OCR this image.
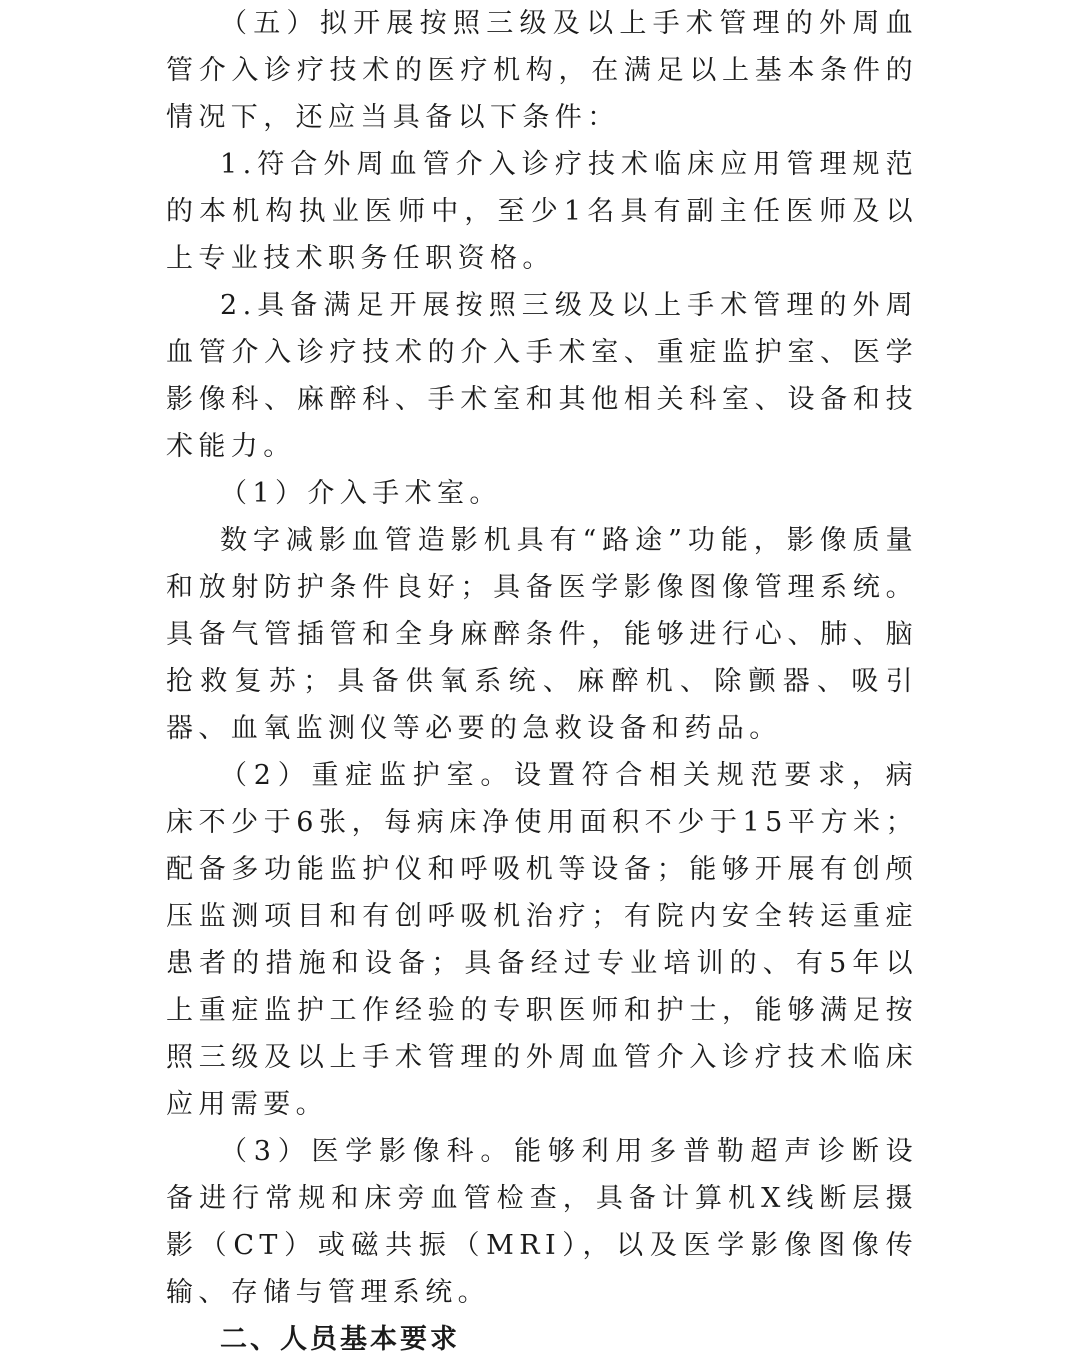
（五）拟开展按照三级及以上手术管理的外周血管介入诊疗技术的医疗机构，在满足以上基本条件的情况下，还应当具备以下条件：

1.符合外周血管介入诊疗技术临床应用管理规范的本机构执业医师中，至少1名具有副主任医师及以上专业技术职务任职资格。

2.具备满足开展按照三级及以上手术管理的外周血管介入诊疗技术的介入手术室、重症监护室、医学影像科、麻醉科、手术室和其他相关科室、设备和技术能力。

（1）介入手术室。

数字减影血管造影机具有“路途”功能，影像质量和放射防护条件良好；具备医学影像图像管理系统。具备气管插管和全身麻醉条件，能够进行心、肺、脑抢救复苏；具备供氧系统、麻醉机、除颤器、吸引器、血氧监测仪等必要的急救设备和药品。

（2）重症监护室。设置符合相关规范要求，病床不少于6张，每病床净使用面积不少于15平方米；配备多功能监护仪和呼吸机等设备；能够开展有创颅压监测项目和有创呼吸机治疗；有院内安全转运重症患者的措施和设备；具备经过专业培训的、有5年以上重症监护工作经验的专职医师和护士，能够满足按照三级及以上手术管理的外周血管介入诊疗技术临床应用需要。

（3）医学影像科。能够利用多普勒超声诊断设备进行常规和床旁血管检查，具备计算机X线断层摄影（CT）或磁共振（MRI），以及医学影像图像传输、存储与管理系统。

二、人员基本要求
